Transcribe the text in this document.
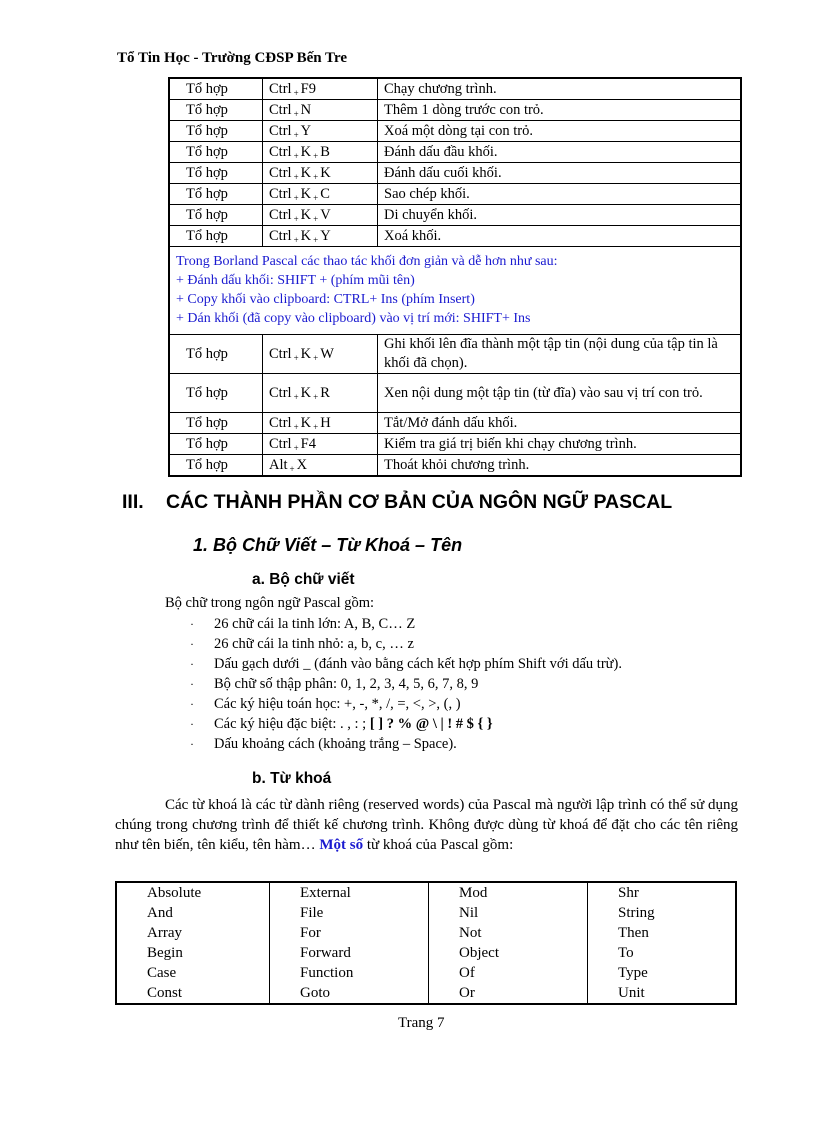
Tổ Tin Học - Trường CĐSP Bến Tre
Tổ hợp	Ctrl $_+$ F9	Chạy chương trình.
Tổ hợp	Ctrl $_+$ N	Thêm 1 dòng trước con trỏ.
Tổ hợp	Ctrl $_+$ Y	Xoá một dòng tại con trỏ.
Tổ hợp	Ctrl $_+$ K $_+$ B	Đánh dấu đầu khối.
Tổ hợp	Ctrl $_+$ K $_+$ K	Đánh dấu cuối khối.
Tổ hợp	Ctrl $_+$ K $_+$ C	Sao chép khối.
Tổ hợp	Ctrl $_+$ K $_+$ V	Di chuyển khối.
Tổ hợp	Ctrl $_+$ K $_+$ Y	Xoá khối.

Trong Borland Pascal các thao tác khối đơn giản và dễ hơn như sau:
+ Đánh dấu khối: SHIFT + (phím mũi tên)
+ Copy khối vào clipboard: CTRL+ Ins (phím Insert)
+ Dán khối (đã copy vào clipboard) vào vị trí mới: SHIFT+ Ins		

Tổ hợp	Ctrl $_+$ K $_+$ W	Ghi khối lên đĩa thành một tập tin (nội dung của tập tin là khối đã chọn).
Tổ hợp	Ctrl $_+$ K $_+$ R	Xen nội dung một tập tin (từ đĩa) vào sau vị trí con trỏ.
Tổ hợp	Ctrl $_+$ K $_+$ H	Tắt/Mở đánh dấu khối.
Tổ hợp	Ctrl $_+$ F4	Kiểm tra giá trị biến khi chạy chương trình.
Tổ hợp	Alt $_+$ X	Thoát khỏi chương trình.
III. CÁC THÀNH PHẦN CƠ BẢN CỦA NGÔN NGỮ PASCAL
1. Bộ Chữ Viết – Từ Khoá – Tên
a. Bộ chữ viết
Bộ chữ trong ngôn ngữ Pascal gồm:
· 26 chữ cái la tinh lớn: A, B, C… Z
· 26 chữ cái la tinh nhỏ: a, b, c, … z
· Dấu gạch dưới _ (đánh vào bằng cách kết hợp phím Shift với dấu trừ).
· Bộ chữ số thập phân: 0, 1, 2, 3, 4, 5, 6, 7, 8, 9
· Các ký hiệu toán học: +, -, *, /, =, <, >, (, )
· Các ký hiệu đặc biệt: . , : ; [ ] ? % @ \ | ! # $ { }
· Dấu khoảng cách (khoảng trắng – Space).
b. Từ khoá
Các từ khoá là các từ dành riêng (reserved words) của Pascal mà người lập trình có thể sử dụng chúng trong chương trình để thiết kế chương trình. Không được dùng từ khoá để đặt cho các tên riêng như tên biến, tên kiểu, tên hàm… Một số từ khoá của Pascal gồm:
Absolute	External	Mod	Shr
And	File	Nil	String
Array	For	Not	Then
Begin	Forward	Object	To
Case	Function	Of	Type
Const	Goto	Or	Unit
Trang 7
